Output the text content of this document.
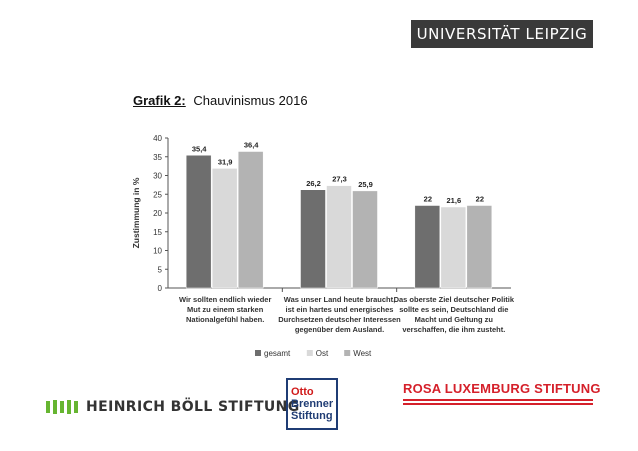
UNIVERSITÄT LEIPZIG
Grafik 2: Chauvinismus 2016
0
5
10
15
20
25
30
35
40
Zustimmung in %
35,4
31,9
36,4
Wir sollten endlich wieder
Mut zu einem starken
Nationalgefühl haben.
26,2 27,3
25,9
Was unser Land heute braucht,
ist ein hartes und energisches
Durchsetzen deutscher Interessen
gegenüber dem Ausland.
22 21,6 22
Das oberste Ziel deutscher Politik
sollte es sein, Deutschland die
Macht und Geltung zu
verschaffen, die ihm zusteht.
gesamt	Ost	West
HEINRICH BÖLL STIFTUNG
Otto
Brenner
Stiftung
ROSA LUXEMBURG STIFTUNG
